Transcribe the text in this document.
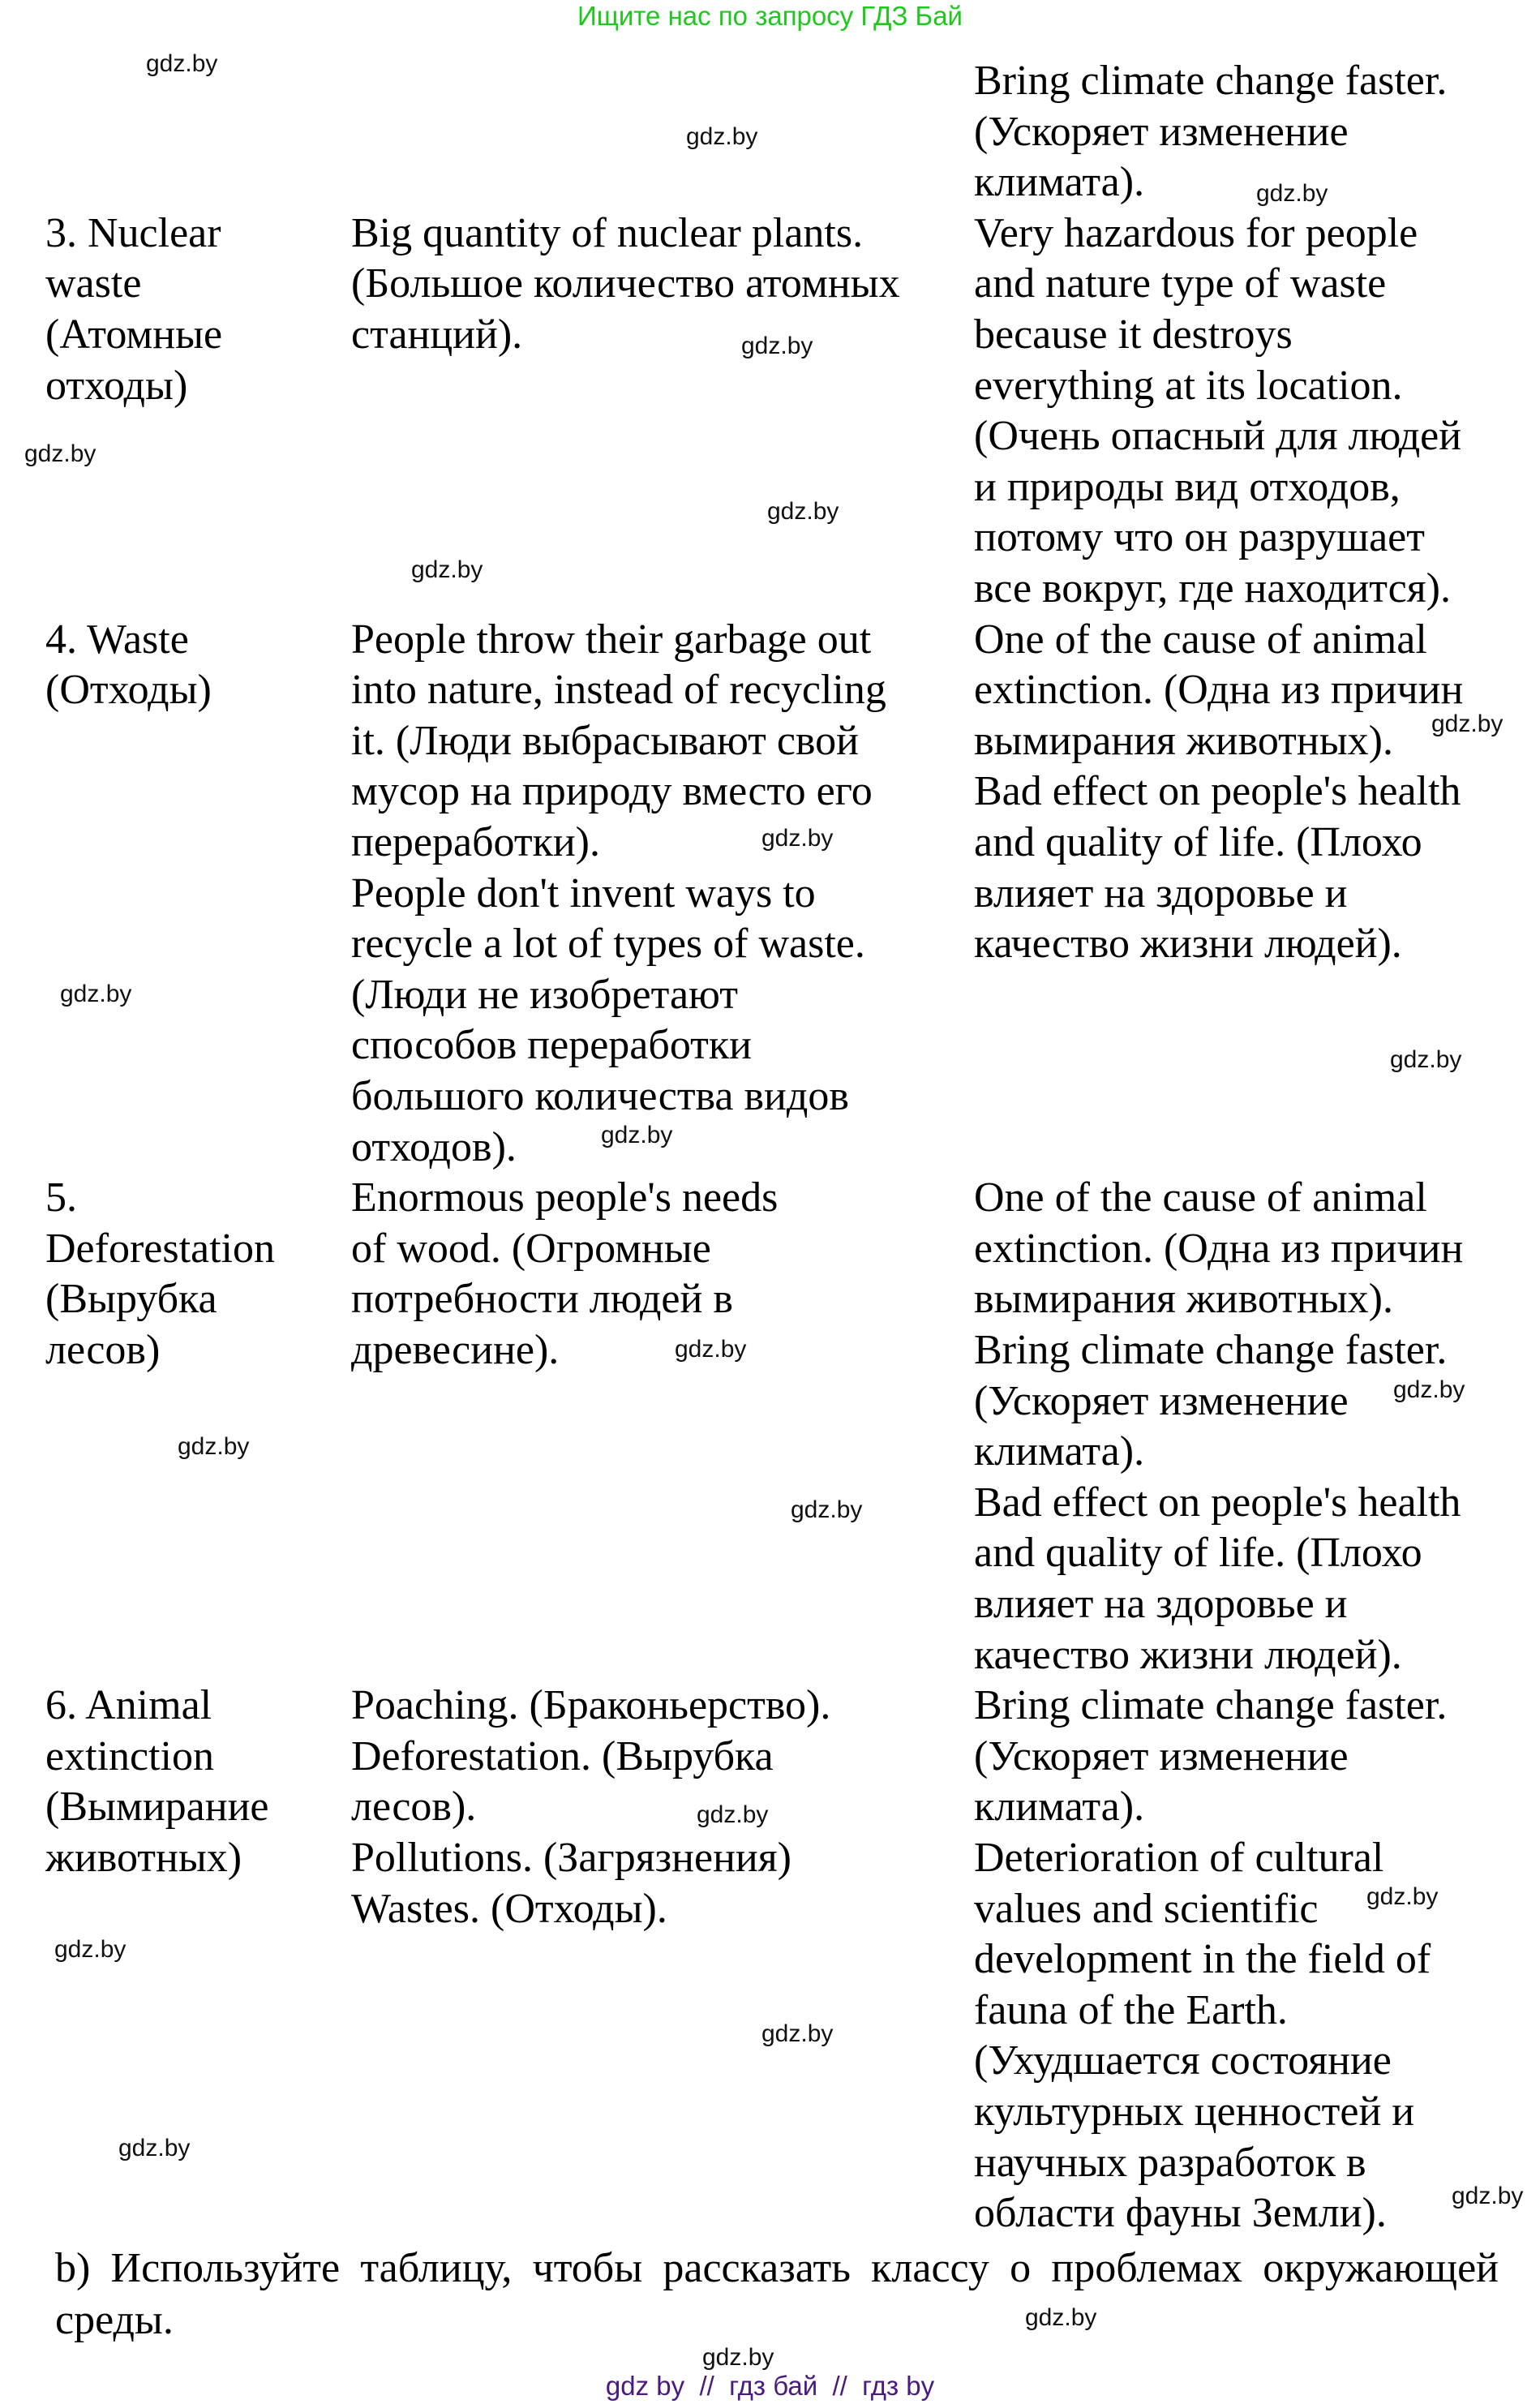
Ищите нас по запросу ГДЗ Бай
3. Nuclear
waste
(Атомные
отходы)
4. Waste
(Отходы)
5.
Deforestation
(Вырубка
лесов)
6. Animal
extinction
(Вымирание
животных)
Big quantity of nuclear plants.
(Большое количество атомных
станций).
People throw their garbage out
into nature, instead of recycling
it. (Люди выбрасывают свой
мусор на природу вместо его
переработки).
People don't invent ways to
recycle a lot of types of waste.
(Люди не изобретают
способов переработки
большого количества видов
отходов).
Enormous people's needs
of wood. (Огромные
потребности людей в
древесине).
Poaching. (Браконьерство).
Deforestation. (Вырубка
лесов).
Pollutions. (Загрязнения)
Wastes. (Отходы).
Bring climate change faster.
(Ускоряет изменение
климата).
Very hazardous for people
and nature type of waste
because it destroys
everything at its location.
(Очень опасный для людей
и природы вид отходов,
потому что он разрушает
все вокруг, где находится).
One of the cause of animal
extinction. (Одна из причин
вымирания животных).
Bad effect on people's health
and quality of life. (Плохо
влияет на здоровье и
качество жизни людей).
One of the cause of animal
extinction. (Одна из причин
вымирания животных).
Bring climate change faster.
(Ускоряет изменение
климата).
Bad effect on people's health
and quality of life. (Плохо
влияет на здоровье и
качество жизни людей).
Bring climate change faster.
(Ускоряет изменение
климата).
Deterioration of cultural
values and scientific
development in the field of
fauna of the Earth.
(Ухудшается состояние
культурных ценностей и
научных разработок в
области фауны Земли).
gdz.by
gdz.by
gdz.by
gdz.by
gdz.by
gdz.by
gdz.by
gdz.by
gdz.by
gdz.by
gdz.by
gdz.by
gdz.by
gdz.by
gdz.by
gdz.by
gdz.by
gdz.by
gdz.by
gdz.by
gdz.by
gdz.by
gdz.by
gdz.by
b) Используйте таблицу, чтобы рассказать классу о проблемах окружающей среды.
gdz by  //  гдз бай  //  гдз by
